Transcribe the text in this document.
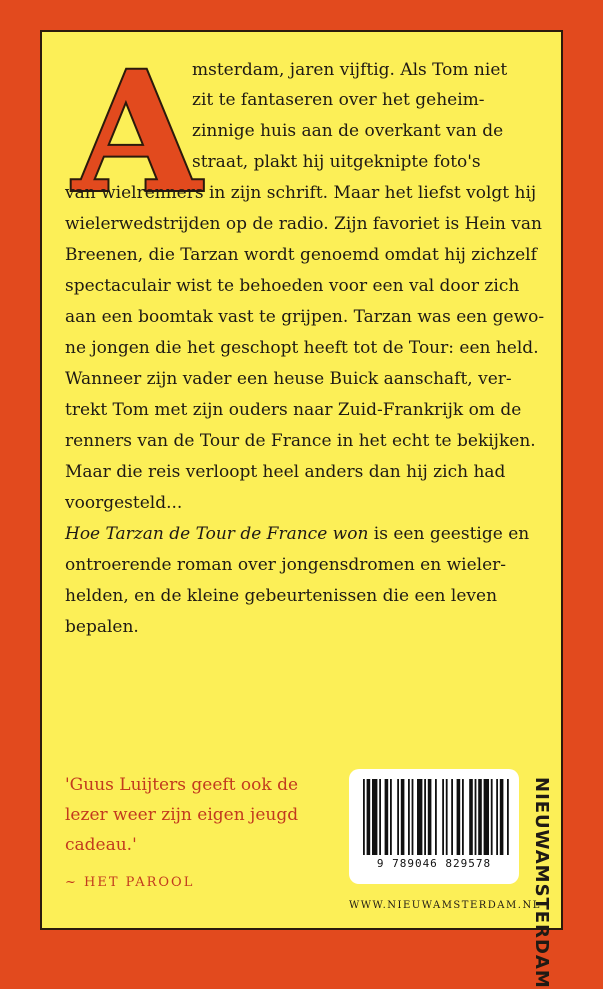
A
msterdam, jaren vijftig. Als Tom niet
zit te fantaseren over het geheim-
zinnige huis aan de overkant van de
straat, plakt hij uitgeknipte foto's
van wielrenners in zijn schrift. Maar het liefst volgt hij
wielerwedstrijden op de radio. Zijn favoriet is Hein van
Breenen, die Tarzan wordt genoemd omdat hij zichzelf
spectaculair wist te behoeden voor een val door zich
aan een boomtak vast te grijpen. Tarzan was een gewo-
ne jongen die het geschopt heeft tot de Tour: een held.
Wanneer zijn vader een heuse Buick aanschaft, ver-
trekt Tom met zijn ouders naar Zuid-Frankrijk om de
renners van de Tour de France in het echt te bekijken.
Maar die reis verloopt heel anders dan hij zich had
voorgesteld...
Hoe Tarzan de Tour de France won is een geestige en
ontroerende roman over jongensdromen en wieler-
helden, en de kleine gebeurtenissen die een leven
bepalen.
'Guus Luijters geeft ook de
lezer weer zijn eigen jeugd
cadeau.'
~ HET PAROOL
9 789046 829578	NIEUWAMSTERDAM
WWW.NIEUWAMSTERDAM.NL
